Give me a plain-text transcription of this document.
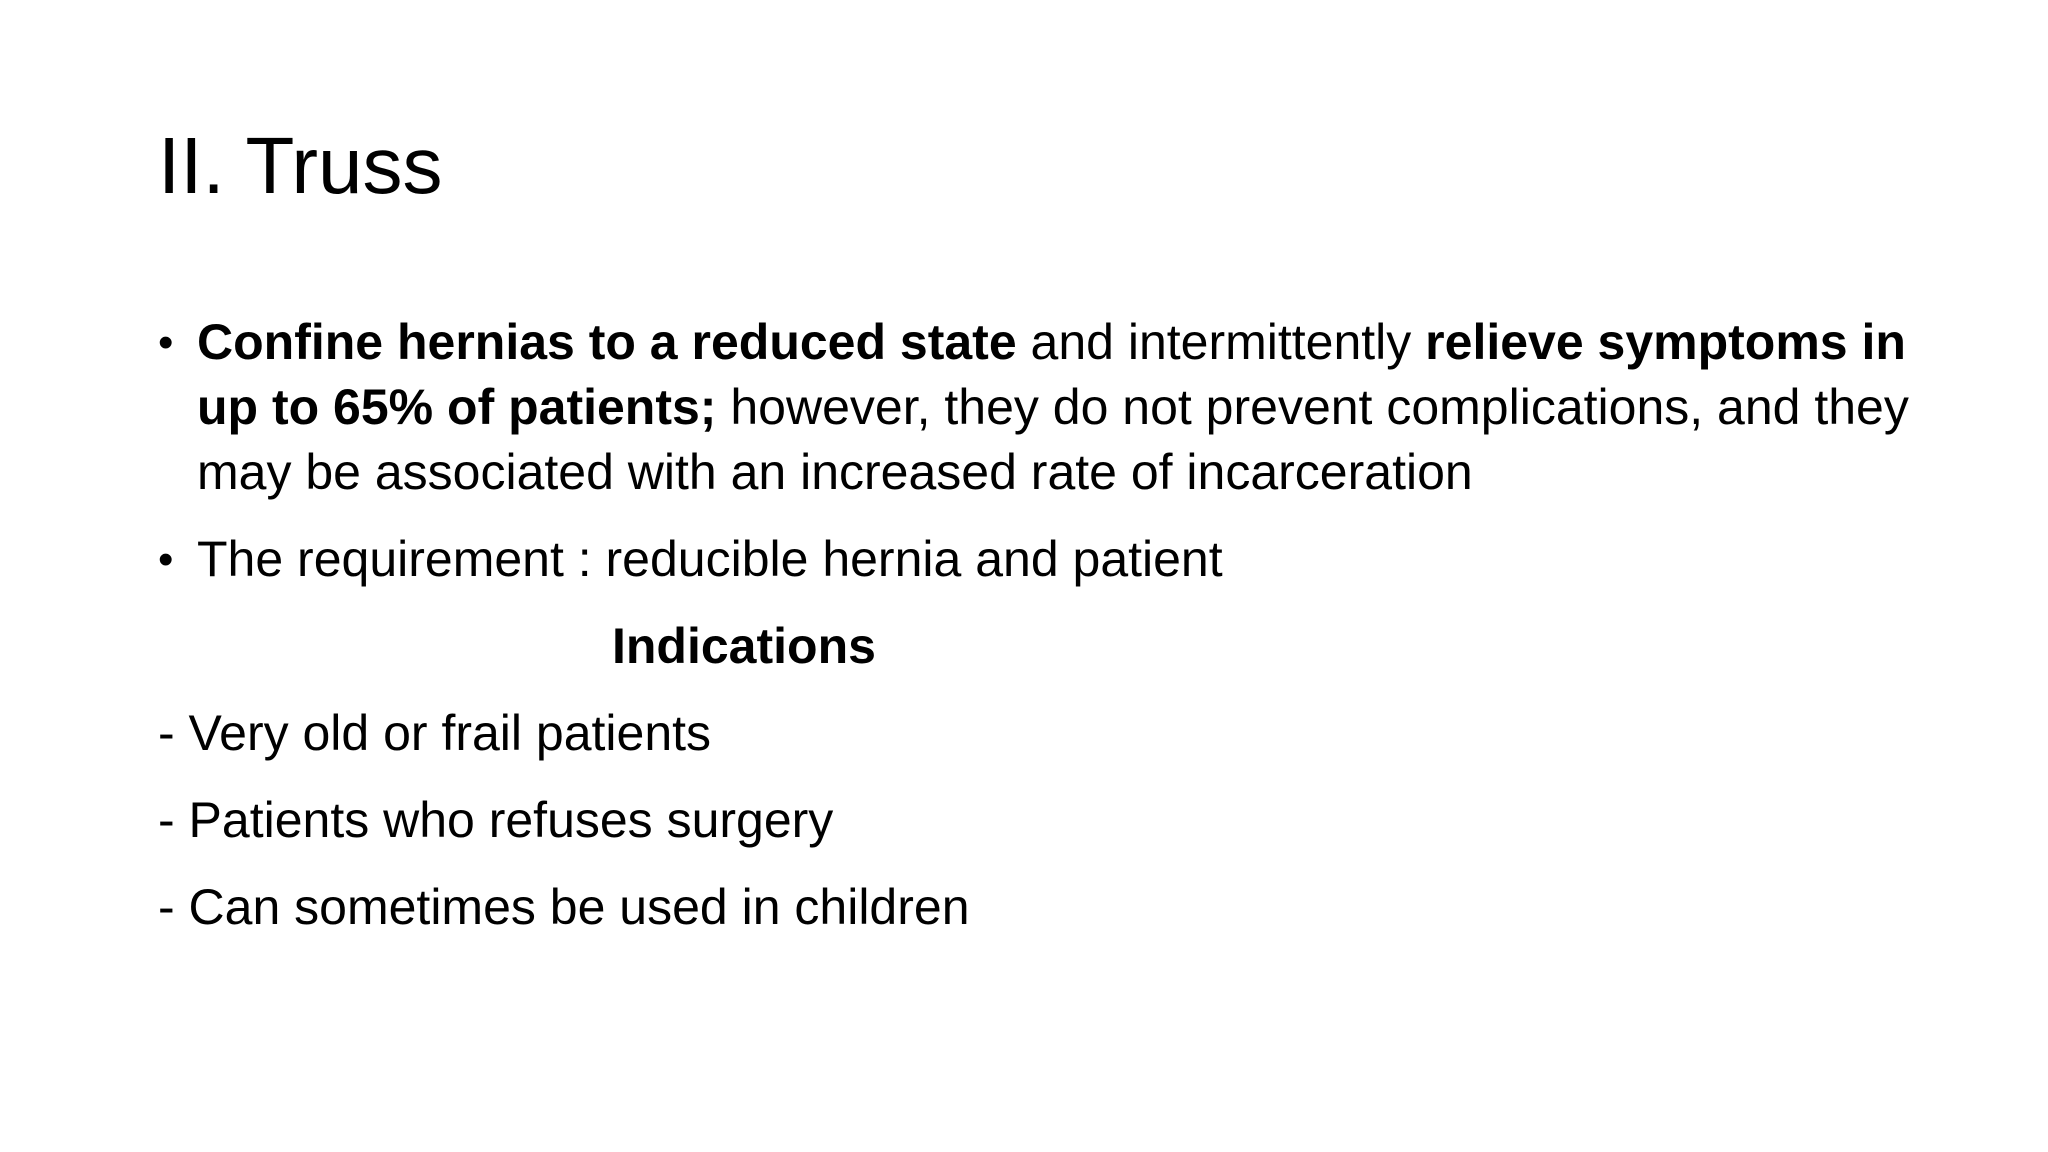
II. Truss
• Confine hernias to a reduced state and intermittently relieve symptoms in up to 65% of patients; however, they do not prevent complications, and they may be associated with an increased rate of incarceration
• The requirement : reducible hernia and patient
Indications
- Very old or frail patients
- Patients who refuses surgery
- Can sometimes be used in children
